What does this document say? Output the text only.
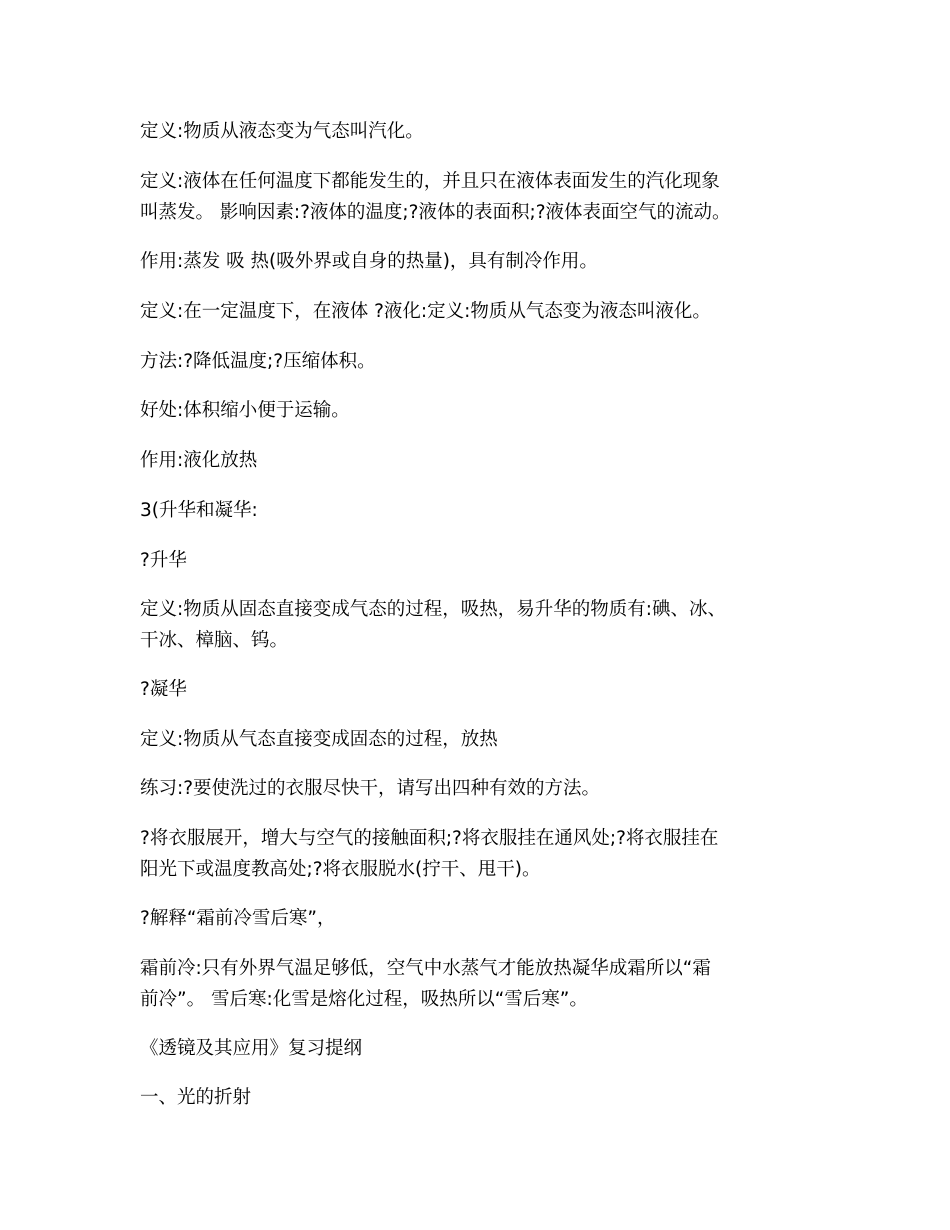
定义:物质从液态变为气态叫汽化。

定义:液体在任何温度下都能发生的，并且只在液体表面发生的汽化现象
叫蒸发。 影响因素:?液体的温度;?液体的表面积;?液体表面空气的流动。

作用:蒸发 吸 热(吸外界或自身的热量)，具有制冷作用。

定义:在一定温度下，在液体 ?液化:定义:物质从气态变为液态叫液化。

方法:?降低温度;?压缩体积。

好处:体积缩小便于运输。

作用:液化放热

3(升华和凝华:

?升华

定义:物质从固态直接变成气态的过程，吸热，易升华的物质有:碘、冰、
干冰、樟脑、钨。

?凝华

定义:物质从气态直接变成固态的过程，放热

练习:?要使洗过的衣服尽快干，请写出四种有效的方法。

?将衣服展开，增大与空气的接触面积;?将衣服挂在通风处;?将衣服挂在
阳光下或温度教高处;?将衣服脱水(拧干、甩干)。

?解释“霜前冷雪后寒”，

霜前冷:只有外界气温足够低，空气中水蒸气才能放热凝华成霜所以“霜
前冷”。 雪后寒:化雪是熔化过程，吸热所以“雪后寒”。

《透镜及其应用》复习提纲

一、光的折射
